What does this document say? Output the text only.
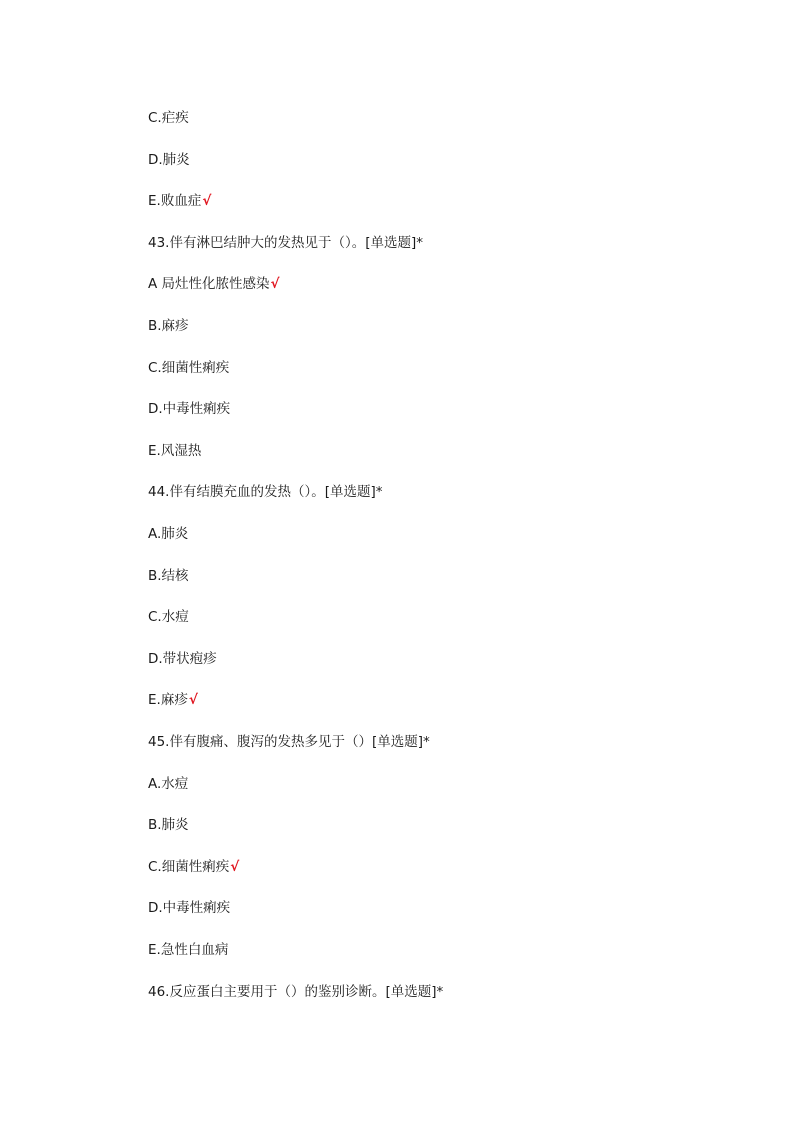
C.疟疾
D.肺炎
E.败血症√
43.伴有淋巴结肿大的发热见于（）。[单选题]*
A 局灶性化脓性感染√
B.麻疹
C.细菌性痢疾
D.中毒性痢疾
E.风湿热
44.伴有结膜充血的发热（）。[单选题]*
A.肺炎
B.结核
C.水痘
D.带状疱疹
E.麻疹√
45.伴有腹痛、腹泻的发热多见于（）[单选题]*
A.水痘
B.肺炎
C.细菌性痢疾√
D.中毒性痢疾
E.急性白血病
46.反应蛋白主要用于（）的鉴别诊断。[单选题]*
